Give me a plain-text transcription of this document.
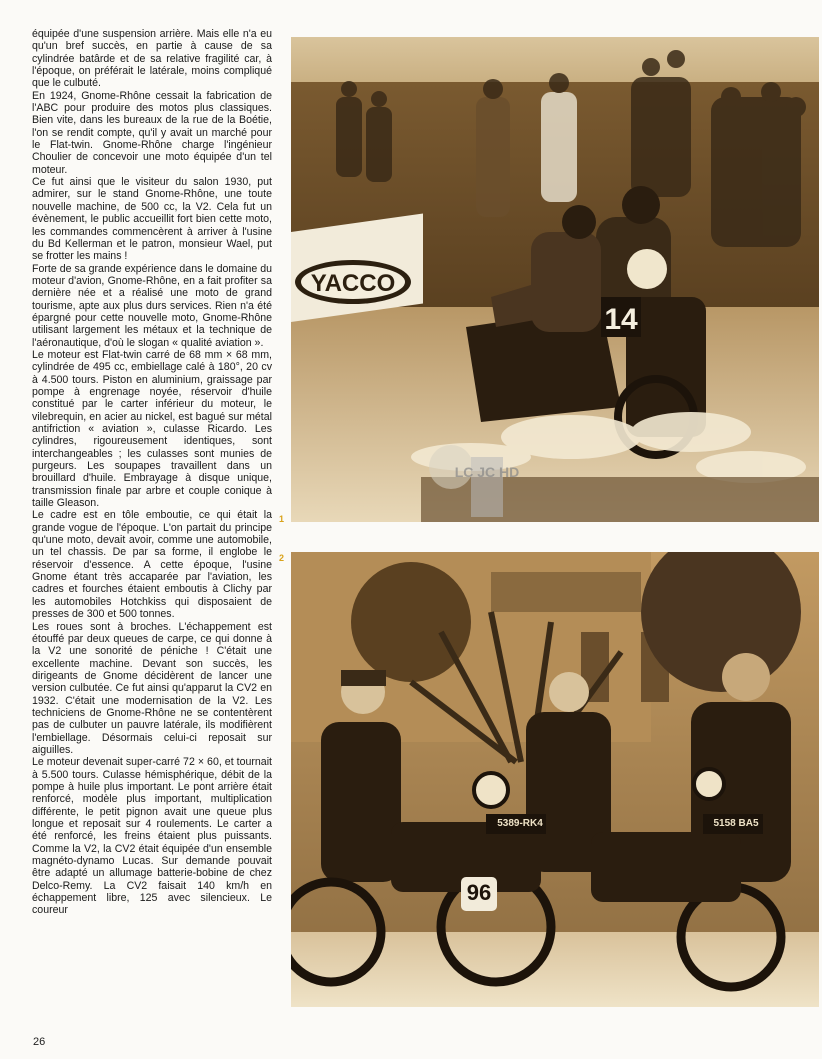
équipée d'une suspension arrière. Mais elle n'a eu qu'un bref succès, en partie à cause de sa cylindrée batârde et de sa relative fragilité car, à l'époque, on préférait le latérale, moins compliqué que le culbuté.

En 1924, Gnome-Rhône cessait la fabrication de l'ABC pour produire des motos plus classiques. Bien vite, dans les bureaux de la rue de la Boétie, l'on se rendit compte, qu'il y avait un marché pour le Flat-twin. Gnome-Rhône charge l'ingénieur Choulier de concevoir une moto équipée d'un tel moteur.

Ce fut ainsi que le visiteur du salon 1930, put admirer, sur le stand Gnome-Rhône, une toute nouvelle machine, de 500 cc, la V2. Cela fut un évènement, le public accueillit fort bien cette moto, les commandes commencèrent à arriver à l'usine du Bd Kellerman et le patron, monsieur Wael, put se frotter les mains !

Forte de sa grande expérience dans le domaine du moteur d'avion, Gnome-Rhône, en a fait profiter sa dernière née et a réalisé une moto de grand tourisme, apte aux plus durs services. Rien n'a été épargné pour cette nouvelle moto, Gnome-Rhône utilisant largement les métaux et la technique de l'aéronautique, d'où le slogan « qualité aviation ».

Le moteur est Flat-twin carré de 68 mm × 68 mm, cylindrée de 495 cc, embiellage calé à 180°, 20 cv à 4.500 tours. Piston en aluminium, graissage par pompe à engrenage noyée, réservoir d'huile constitué par le carter inférieur du moteur, le vilebrequin, en acier au nickel, est bagué sur métal antifriction « aviation », culasse Ricardo. Les cylindres, rigoureusement identiques, sont interchangeables ; les culasses sont munies de purgeurs. Les soupapes travaillent dans un brouillard d'huile. Embrayage à disque unique, transmission finale par arbre et couple conique à taille Gleason.

Le cadre est en tôle emboutie, ce qui était la grande vogue de l'époque. L'on partait du principe qu'une moto, devait avoir, comme une automobile, un tel chassis. De par sa forme, il englobe le réservoir d'essence. A cette époque, l'usine Gnome étant très accaparée par l'aviation, les cadres et fourches étaient emboutis à Clichy par les automobiles Hotchkiss qui disposaient de presses de 300 et 500 tonnes.

Les roues sont à broches. L'échappement est étouffé par deux queues de carpe, ce qui donne à la V2 une sonorité de péniche ! C'était une excellente machine. Devant son succès, les dirigeants de Gnome décidèrent de lancer une version culbutée. Ce fut ainsi qu'apparut la CV2 en 1932. C'était une modernisation de la V2. Les techniciens de Gnome-Rhône ne se contentèrent pas de culbuter un pauvre latérale, ils modifièrent l'embiellage. Désormais celui-ci reposait sur aiguilles.

Le moteur devenait super-carré 72 × 60, et tournait à 5.500 tours. Culasse hémisphérique, débit de la pompe à huile plus important. Le pont arrière était renforcé, modèle plus important, multiplication différente, le petit pignon avait une queue plus longue et reposait sur 4 roulements. Le carter a été renforcé, les freins étaient plus puissants. Comme la V2, la CV2 était équipée d'un ensemble magnéto-dynamo Lucas. Sur demande pouvait être adapté un allumage batterie-bobine de chez Delco-Remy. La CV2 faisait 140 km/h en échappement libre, 125 avec silencieux. Le coureur

1
2
YACCO
14
LC JC HD
5389-RK4	5158 BA5
96
26
